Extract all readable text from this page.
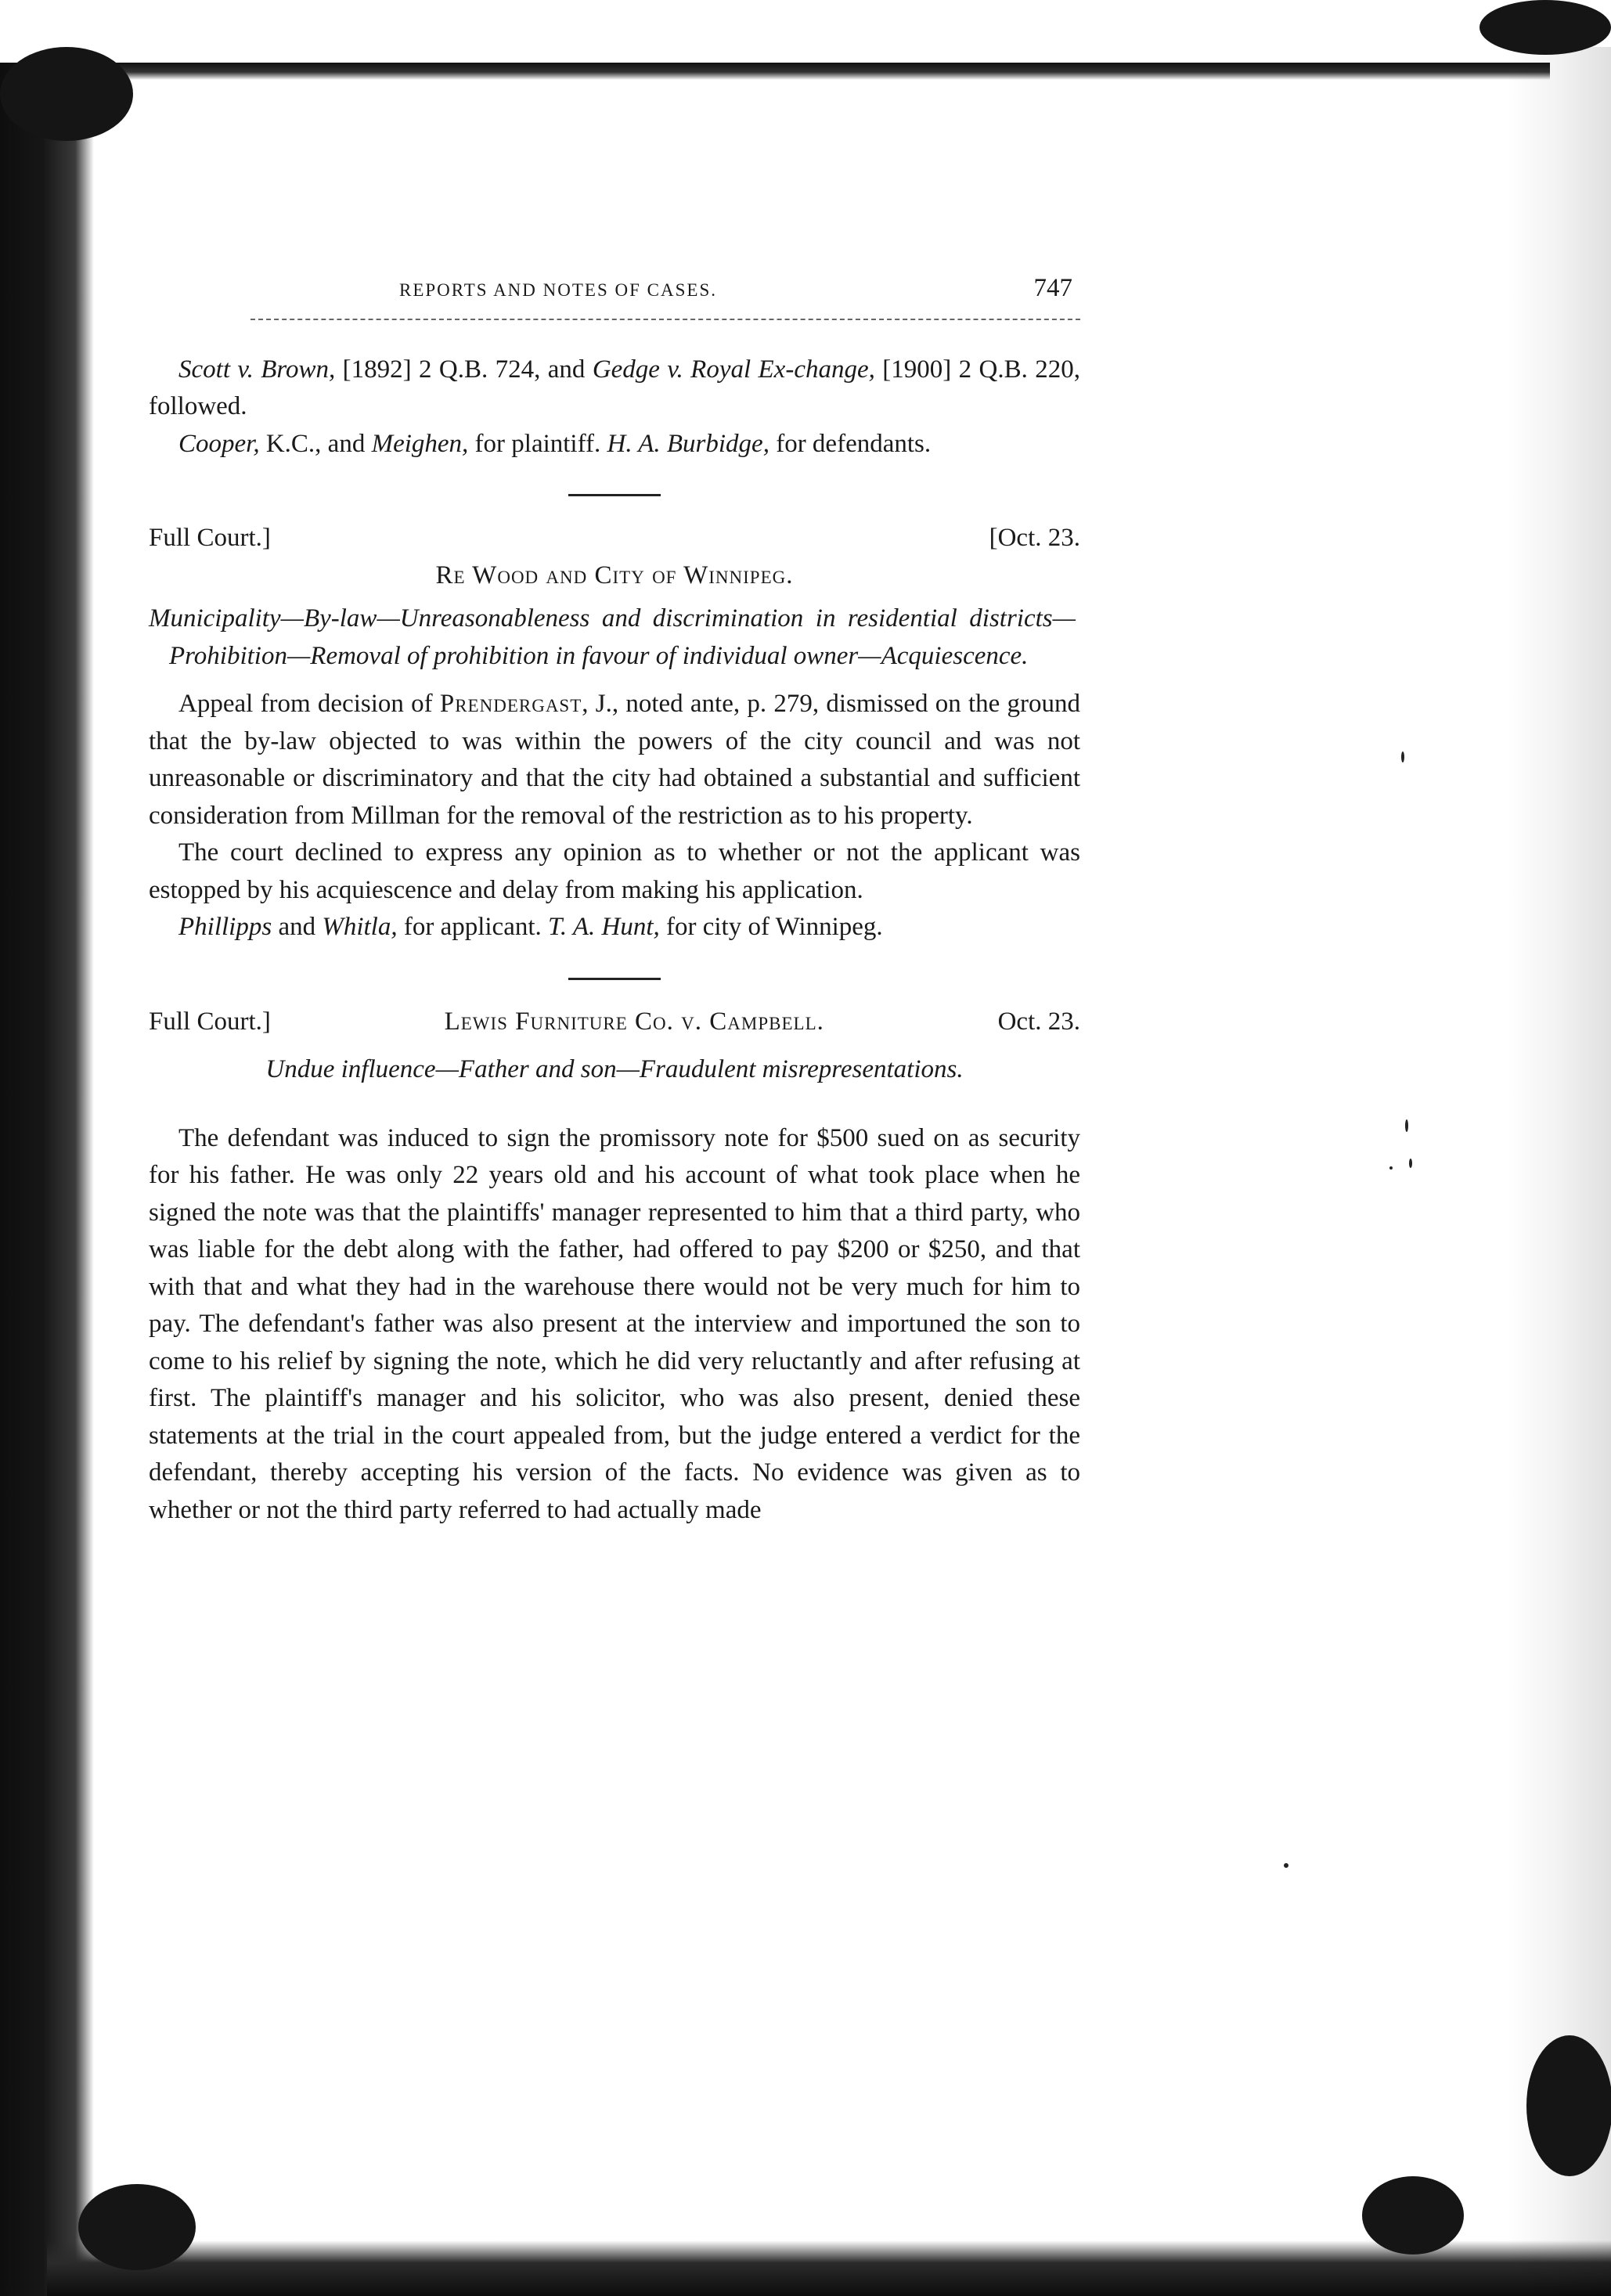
REPORTS AND NOTES OF CASES.	747

Scott v. Brown, [1892] 2 Q.B. 724, and Gedge v. Royal Ex-change, [1900] 2 Q.B. 220, followed.

Cooper, K.C., and Meighen, for plaintiff. H. A. Burbidge, for defendants.

Full Court.]	[Oct. 23.
Re Wood and City of Winnipeg.

Municipality—By-law—Unreasonableness and discrimination in residential districts—Prohibition—Removal of prohibition in favour of individual owner—Acquiescence.

Appeal from decision of Prendergast, J., noted ante, p. 279, dismissed on the ground that the by-law objected to was within the powers of the city council and was not unreasonable or discriminatory and that the city had obtained a substantial and sufficient consideration from Millman for the removal of the restriction as to his property.

The court declined to express any opinion as to whether or not the applicant was estopped by his acquiescence and delay from making his application.

Phillipps and Whitla, for applicant. T. A. Hunt, for city of Winnipeg.

Full Court.]	Lewis Furniture Co. v. Campbell.	Oct. 23.

Undue influence—Father and son—Fraudulent misrepresentations.

The defendant was induced to sign the promissory note for $500 sued on as security for his father. He was only 22 years old and his account of what took place when he signed the note was that the plaintiffs' manager represented to him that a third party, who was liable for the debt along with the father, had offered to pay $200 or $250, and that with that and what they had in the warehouse there would not be very much for him to pay. The defendant's father was also present at the interview and importuned the son to come to his relief by signing the note, which he did very reluctantly and after refusing at first. The plaintiff's manager and his solicitor, who was also present, denied these statements at the trial in the court appealed from, but the judge entered a verdict for the defendant, thereby accepting his version of the facts. No evidence was given as to whether or not the third party referred to had actually made
